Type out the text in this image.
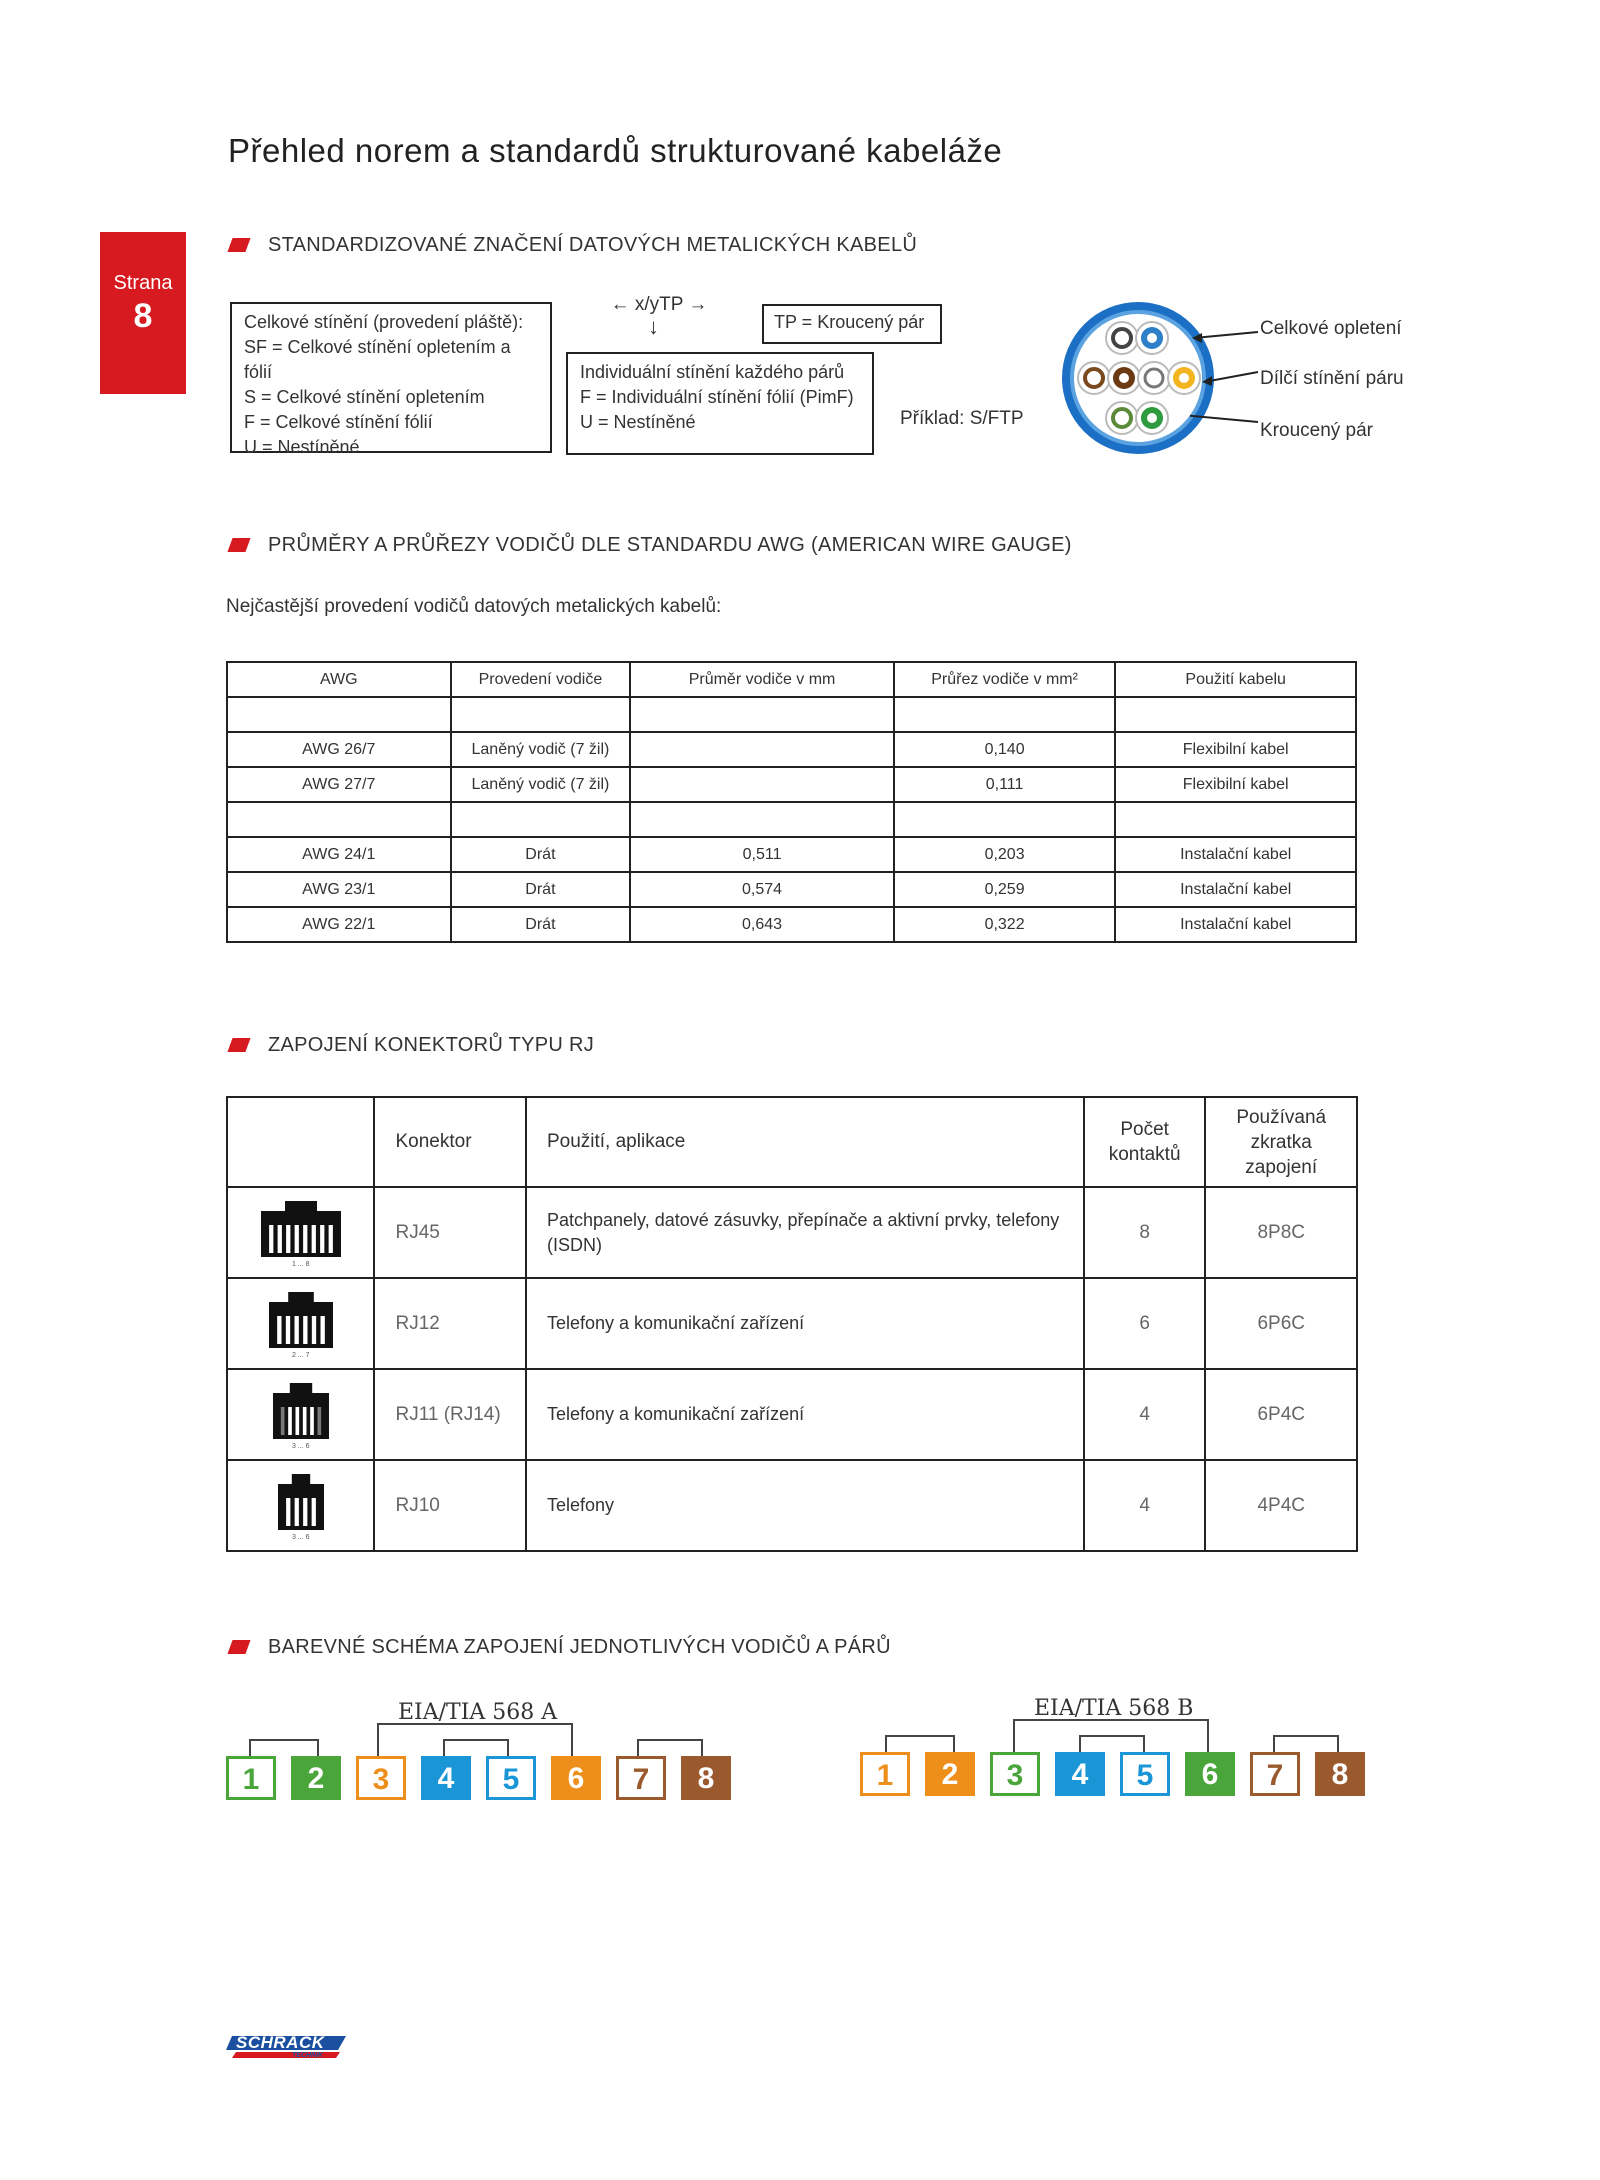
Přehled norem a standardů strukturované kabeláže
Strana
8
STANDARDIZOVANÉ ZNAČENÍ DATOVÝCH METALICKÝCH KABELŮ
Celkové stínění (provedení pláště):
SF = Celkové stínění opletením a fólií
S = Celkové stínění opletením
F = Celkové stínění fólií
U = Nestíněné
← x/yTP →
↓	TP = Kroucený pár
Individuální stínění každého párů
F = Individuální stínění fólií (PimF)
U = Nestíněné	Příklad: S/FTP
Celkové opletení
Dílčí stínění páru
Kroucený pár
PRŮMĚRY A PRŮŘEZY VODIČŮ DLE STANDARDU AWG (AMERICAN WIRE GAUGE)
Nejčastější provedení vodičů datových metalických kabelů:
AWG	Provedení vodiče	Průměr vodiče v mm	Průřez vodiče v mm²	Použití kabelu

AWG 26/7	Laněný vodič (7 žil)		0,140	Flexibilní kabel
AWG 27/7	Laněný vodič (7 žil)		0,111	Flexibilní kabel

AWG 24/1	Drát	0,511	0,203	Instalační kabel
AWG 23/1	Drát	0,574	0,259	Instalační kabel
AWG 22/1	Drát	0,643	0,322	Instalační kabel
ZAPOJENÍ KONEKTORŮ TYPU RJ
	Konektor	Použití, aplikace	Počet kontaktů	Používaná zkratka zapojení

1 ... 8	RJ45	Patchpanely, datové zásuvky, přepínače a aktivní prvky, telefony (ISDN)	8	8P8C

2 ... 7	RJ12	Telefony a komunikační zařízení	6	6P6C

3 ... 6	RJ11 (RJ14)	Telefony a komunikační zařízení	4	6P4C

3 ... 6	RJ10	Telefony	4	4P4C
BAREVNÉ SCHÉMA ZAPOJENÍ JEDNOTLIVÝCH VODIČŮ A PÁRŮ
EIA/TIA 568 A	EIA/TIA 568 B
1	2	3	4	5	6	7	8	1	2	3	4	5	6	7	8
SCHRACK
TECHNIK
